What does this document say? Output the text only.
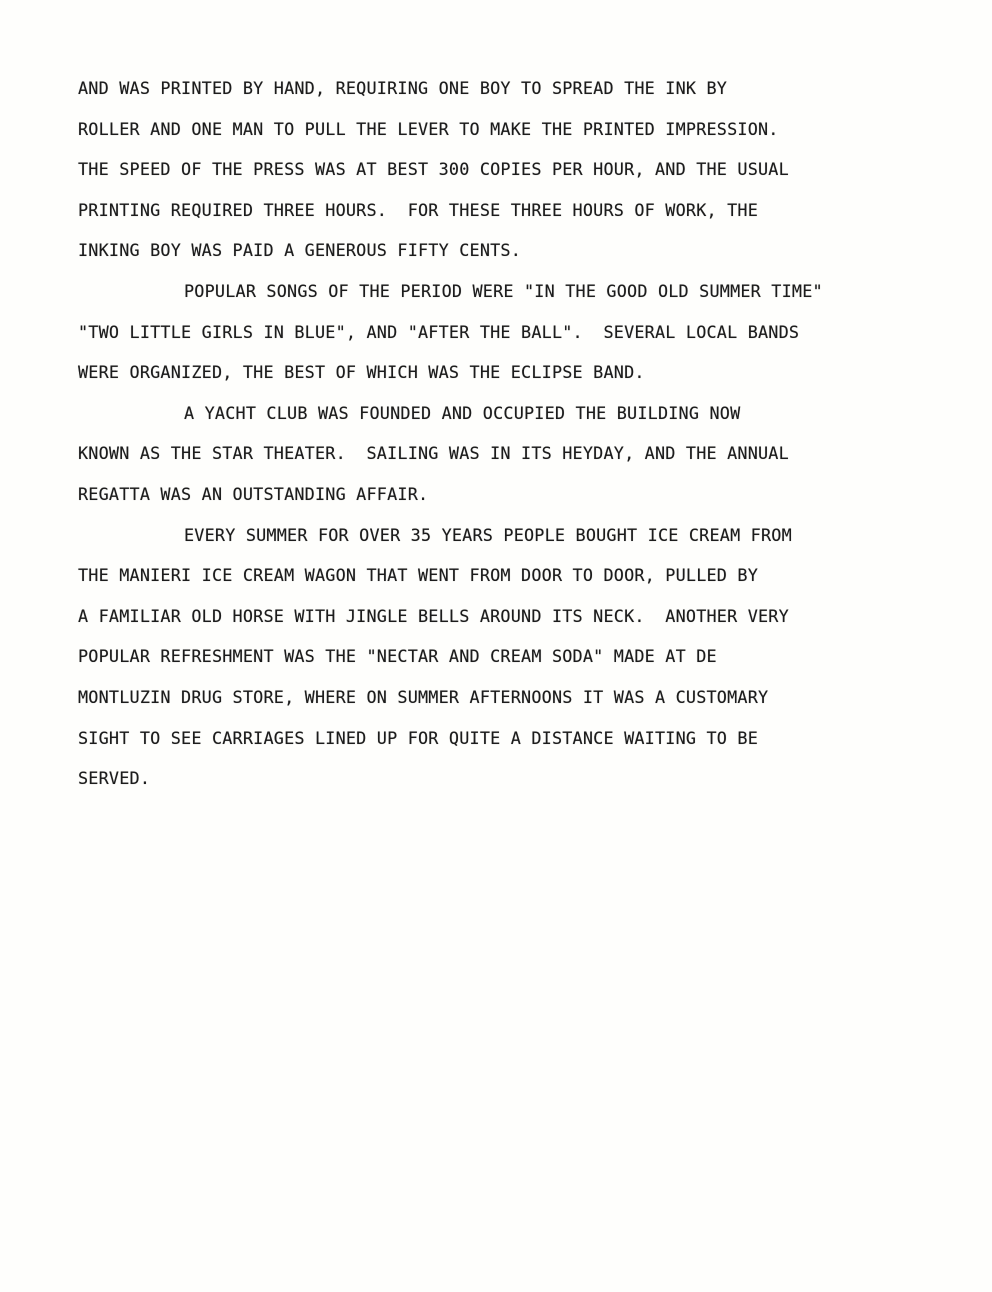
AND WAS PRINTED BY HAND, REQUIRING ONE BOY TO SPREAD THE INK BY
ROLLER AND ONE MAN TO PULL THE LEVER TO MAKE THE PRINTED IMPRESSION.
THE SPEED OF THE PRESS WAS AT BEST 300 COPIES PER HOUR, AND THE USUAL
PRINTING REQUIRED THREE HOURS.  FOR THESE THREE HOURS OF WORK, THE
INKING BOY WAS PAID A GENEROUS FIFTY CENTS.
POPULAR SONGS OF THE PERIOD WERE "IN THE GOOD OLD SUMMER TIME"
"TWO LITTLE GIRLS IN BLUE", AND "AFTER THE BALL".  SEVERAL LOCAL BANDS
WERE ORGANIZED, THE BEST OF WHICH WAS THE ECLIPSE BAND.
A YACHT CLUB WAS FOUNDED AND OCCUPIED THE BUILDING NOW
KNOWN AS THE STAR THEATER.  SAILING WAS IN ITS HEYDAY, AND THE ANNUAL
REGATTA WAS AN OUTSTANDING AFFAIR.
EVERY SUMMER FOR OVER 35 YEARS PEOPLE BOUGHT ICE CREAM FROM
THE MANIERI ICE CREAM WAGON THAT WENT FROM DOOR TO DOOR, PULLED BY
A FAMILIAR OLD HORSE WITH JINGLE BELLS AROUND ITS NECK.  ANOTHER VERY
POPULAR REFRESHMENT WAS THE "NECTAR AND CREAM SODA" MADE AT DE
MONTLUZIN DRUG STORE, WHERE ON SUMMER AFTERNOONS IT WAS A CUSTOMARY
SIGHT TO SEE CARRIAGES LINED UP FOR QUITE A DISTANCE WAITING TO BE
SERVED.
